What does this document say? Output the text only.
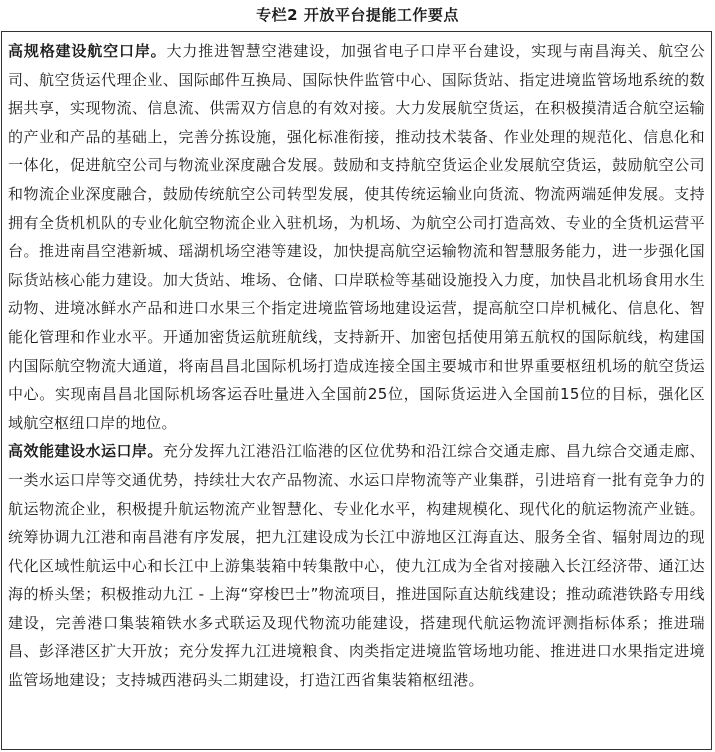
专栏2 开放平台提能工作要点

高规格建设航空口岸。大力推进智慧空港建设，加强省电子口岸平台建设，实现与南昌海关、航空公司、航空货运代理企业、国际邮件互换局、国际快件监管中心、国际货站、指定进境监管场地系统的数据共享，实现物流、信息流、供需双方信息的有效对接。大力发展航空货运，在积极摸清适合航空运输的产业和产品的基础上，完善分拣设施，强化标准衔接，推动技术装备、作业处理的规范化、信息化和一体化，促进航空公司与物流业深度融合发展。鼓励和支持航空货运企业发展航空货运，鼓励航空公司和物流企业深度融合，鼓励传统航空公司转型发展，使其传统运输业向货流、物流两端延伸发展。支持拥有全货机机队的专业化航空物流企业入驻机场，为机场、为航空公司打造高效、专业的全货机运营平台。推进南昌空港新城、瑶湖机场空港等建设，加快提高航空运输物流和智慧服务能力，进一步强化国际货站核心能力建设。加大货站、堆场、仓储、口岸联检等基础设施投入力度，加快昌北机场食用水生动物、进境冰鲜水产品和进口水果三个指定进境监管场地建设运营，提高航空口岸机械化、信息化、智能化管理和作业水平。开通加密货运航班航线，支持新开、加密包括使用第五航权的国际航线，构建国内国际航空物流大通道，将南昌昌北国际机场打造成连接全国主要城市和世界重要枢纽机场的航空货运中心。实现南昌昌北国际机场客运吞吐量进入全国前25位，国际货运进入全国前15位的目标，强化区域航空枢纽口岸的地位。

高效能建设水运口岸。充分发挥九江港沿江临港的区位优势和沿江综合交通走廊、昌九综合交通走廊、一类水运口岸等交通优势，持续壮大农产品物流、水运口岸物流等产业集群，引进培育一批有竞争力的航运物流企业，积极提升航运物流产业智慧化、专业化水平，构建规模化、现代化的航运物流产业链。统筹协调九江港和南昌港有序发展，把九江建设成为长江中游地区江海直达、服务全省、辐射周边的现代化区域性航运中心和长江中上游集装箱中转集散中心，使九江成为全省对接融入长江经济带、通江达海的桥头堡；积极推动九江 - 上海“穿梭巴士”物流项目，推进国际直达航线建设；推动疏港铁路专用线建设，完善港口集装箱铁水多式联运及现代物流功能建设，搭建现代航运物流评测指标体系；推进瑞昌、彭泽港区扩大开放；充分发挥九江进境粮食、肉类指定进境监管场地功能、推进进口水果指定进境监管场地建设；支持城西港码头二期建设，打造江西省集装箱枢纽港。
